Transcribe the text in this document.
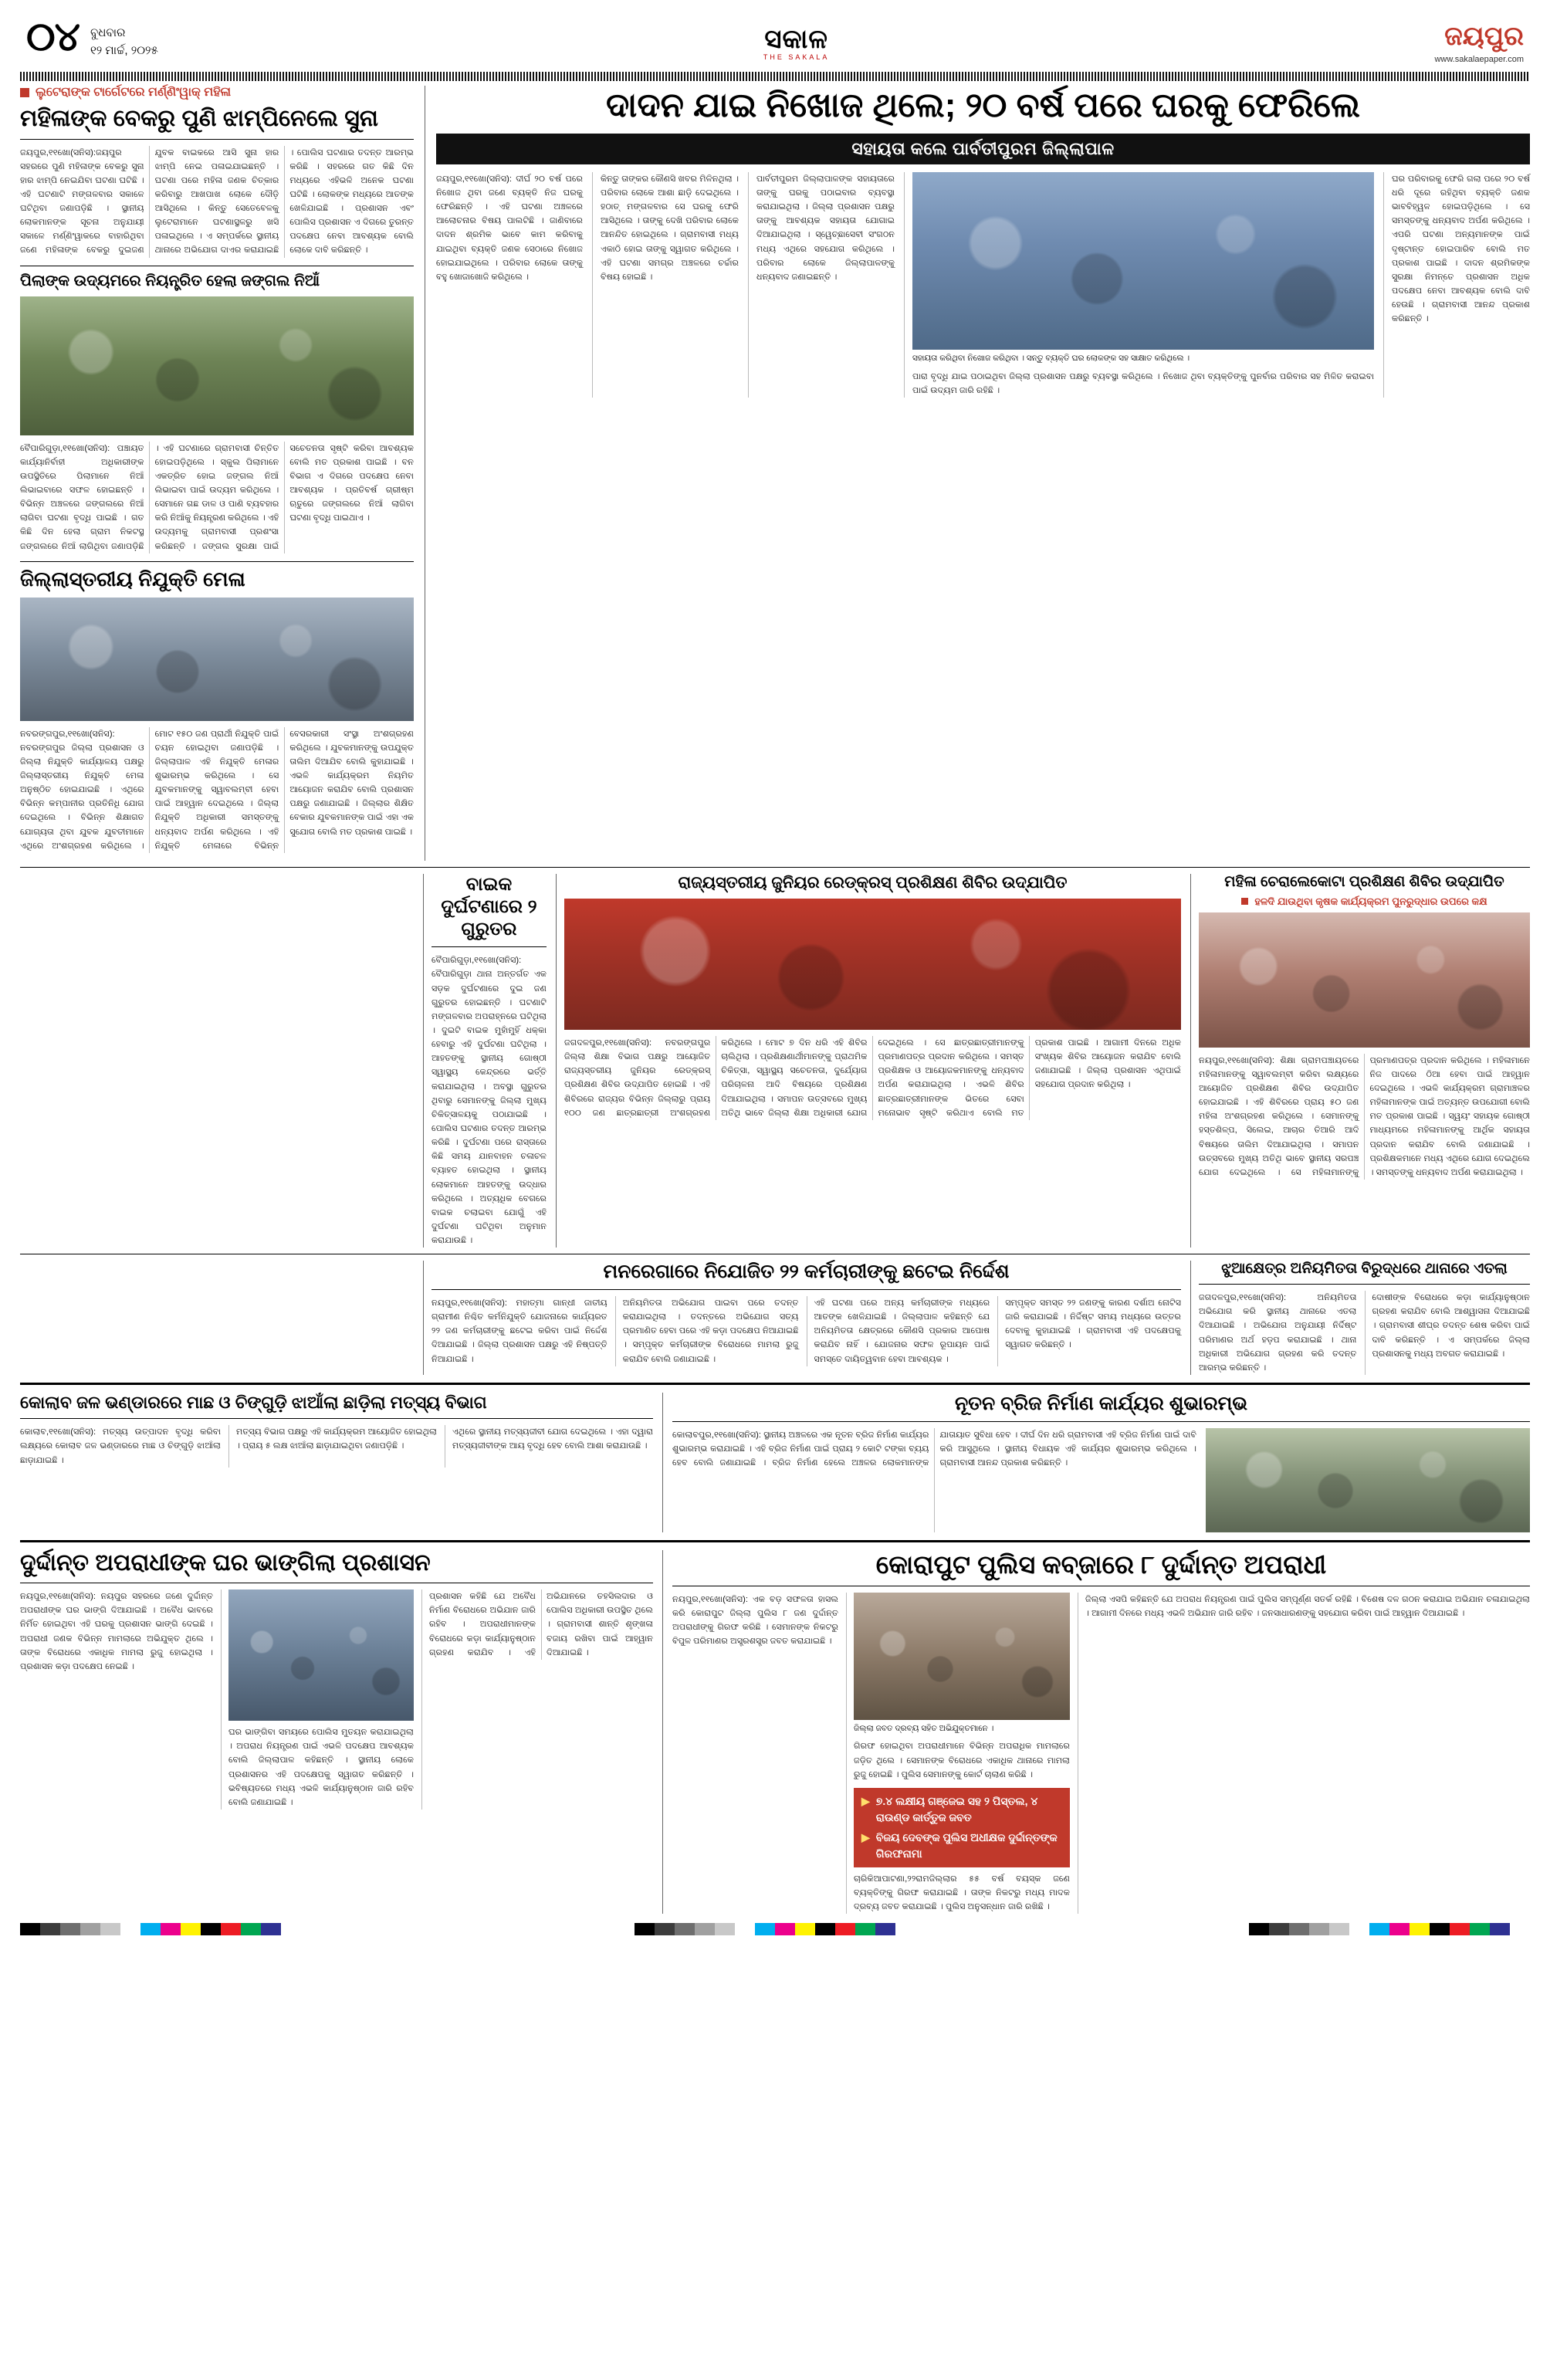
୦୪ ବୁଧବାର
୧୨ ମାର୍ଚ୍ଚ, ୨୦୨୫	ସକାଳ
THE SAKALA
ଜୟପୁର
www.sakalaepaper.com
ଲୁଟେରାଙ୍କ ଟାର୍ଗେଟରେ ମର୍ଣ୍ଣିଂୱାକ୍ ମହିଳା
ମହିଳାଙ୍କ ବେକରୁ ପୁଣି ଝାମ୍ପିନେଲେ ସୁନା
ଜୟପୁର,୧୧ଖୋ(ସନିସ):ଜୟପୁର ସହରରେ ପୁଣି ମହିଳାଙ୍କ ବେକରୁ ସୁନା ହାର ଝାମ୍ପି ନେଇଯିବା ଘଟଣା ଘଟିଛି । ଏହି ଘଟଣାଟି ମଙ୍ଗଳବାର ସକାଳେ ଘଟିଥିବା ଜଣାପଡ଼ିଛି । ସ୍ଥାନୀୟ ଲୋକମାନଙ୍କ ସୂଚନା ଅନୁଯାୟୀ ସକାଳେ ମର୍ଣ୍ଣିଂୱାକରେ ବାହାରିଥିବା ଜଣେ ମହିଳାଙ୍କ ବେକରୁ ଦୁଇଜଣ ଯୁବକ ବାଇକରେ ଆସି ସୁନା ହାର ଝାମ୍ପି ନେଇ ପଳାଇଯାଇଛନ୍ତି । ଘଟଣା ପରେ ମହିଳା ଜଣକ ଚିତ୍କାର କରିବାରୁ ଆଖପାଖ ଲୋକେ ଦୌଡ଼ି ଆସିଥିଲେ । କିନ୍ତୁ ସେତେବେଳକୁ ଲୁଟେରାମାନେ ଘଟଣାସ୍ଥଳରୁ ଖସି ପଳାଇଥିଲେ । ଏ ସମ୍ପର୍କରେ ସ୍ଥାନୀୟ ଥାନାରେ ଅଭିଯୋଗ ଦାଏର କରାଯାଇଛି । ପୋଲିସ ଘଟଣାର ତଦନ୍ତ ଆରମ୍ଭ କରିଛି । ସହରରେ ଗତ କିଛି ଦିନ ମଧ୍ୟରେ ଏହିଭଳି ଅନେକ ଘଟଣା ଘଟିଛି । ଲୋକଙ୍କ ମଧ୍ୟରେ ଆତଙ୍କ ଖେଳିଯାଇଛି । ପ୍ରଶାସନ ଏବଂ ପୋଲିସ ପ୍ରଶାସନ ଏ ଦିଗରେ ତୁରନ୍ତ ପଦକ୍ଷେପ ନେବା ଆବଶ୍ୟକ ବୋଲି ଲୋକେ ଦାବି କରିଛନ୍ତି ।
ପିଲାଙ୍କ ଉଦ୍ୟମରେ ନିୟନ୍ତ୍ରିତ ହେଲା ଜଙ୍ଗଲ ନିଆଁ
ବୈପାରିଗୁଡ଼ା,୧୧ଖୋ(ସନିସ): ପଞ୍ଚାୟତ କାର୍ଯ୍ୟାନିର୍ବାହୀ ଅଧିକାରୀଙ୍କ ଉପସ୍ଥିତିରେ ପିଲାମାନେ ନିଆଁ ଲିଭାଇବାରେ ସଫଳ ହୋଇଛନ୍ତି । ବିଭିନ୍ନ ଅଞ୍ଚଳରେ ଜଙ୍ଗଲରେ ନିଆଁ ଲାଗିବା ଘଟଣା ବୃଦ୍ଧି ପାଇଛି । ଗତ କିଛି ଦିନ ହେଲା ଗ୍ରାମ ନିକଟସ୍ଥ ଜଙ୍ଗଲରେ ନିଆଁ ଲାଗିଥିବା ଜଣାପଡ଼ିଛି । ଏହି ଘଟଣାରେ ଗ୍ରାମବାସୀ ଚିନ୍ତିତ ହୋଇପଡ଼ିଥିଲେ । ସ୍କୁଲ ପିଲାମାନେ ଏକତ୍ରିତ ହୋଇ ଜଙ୍ଗଲ ନିଆଁ ଲିଭାଇବା ପାଇଁ ଉଦ୍ୟମ କରିଥିଲେ । ସେମାନେ ଗଛ ଡାଳ ଓ ପାଣି ବ୍ୟବହାର କରି ନିଆଁକୁ ନିୟନ୍ତ୍ରଣ କରିଥିଲେ । ଏହି ଉଦ୍ୟମକୁ ଗ୍ରାମବାସୀ ପ୍ରଶଂସା କରିଛନ୍ତି । ଜଙ୍ଗଲ ସୁରକ୍ଷା ପାଇଁ ସଚେତନତା ସୃଷ୍ଟି କରିବା ଆବଶ୍ୟକ ବୋଲି ମତ ପ୍ରକାଶ ପାଇଛି । ବନ ବିଭାଗ ଏ ଦିଗରେ ପଦକ୍ଷେପ ନେବା ଆବଶ୍ୟକ । ପ୍ରତିବର୍ଷ ଗ୍ରୀଷ୍ମ ଋତୁରେ ଜଙ୍ଗଲରେ ନିଆଁ ଲାଗିବା ଘଟଣା ବୃଦ୍ଧି ପାଇଥାଏ ।
ଜିଲ୍ଲାସ୍ତରୀୟ ନିଯୁକ୍ତି ମେଳା
ନବରଙ୍ଗପୁର,୧୧ଖୋ(ସନିସ): ନବରଙ୍ଗପୁର ଜିଲ୍ଲା ପ୍ରଶାସନ ଓ ଜିଲ୍ଲା ନିଯୁକ୍ତି କାର୍ଯ୍ୟାଳୟ ପକ୍ଷରୁ ଜିଲ୍ଲାସ୍ତରୀୟ ନିଯୁକ୍ତି ମେଳା ଅନୁଷ୍ଠିତ ହୋଇଯାଇଛି । ଏଥିରେ ବିଭିନ୍ନ କମ୍ପାନୀର ପ୍ରତିନିଧି ଯୋଗ ଦେଇଥିଲେ । ବିଭିନ୍ନ ଶିକ୍ଷାଗତ ଯୋଗ୍ୟତା ଥିବା ଯୁବକ ଯୁବତୀମାନେ ଏଥିରେ ଅଂଶଗ୍ରହଣ କରିଥିଲେ । ମୋଟ ୧୫୦ ଜଣ ପ୍ରାର୍ଥୀ ନିଯୁକ୍ତି ପାଇଁ ଚୟନ ହୋଇଥିବା ଜଣାପଡ଼ିଛି । ଜିଲ୍ଲାପାଳ ଏହି ନିଯୁକ୍ତି ମେଳାର ଶୁଭାରମ୍ଭ କରିଥିଲେ । ସେ ଯୁବକମାନଙ୍କୁ ସ୍ୱାବଲମ୍ବୀ ହେବା ପାଇଁ ଆହ୍ୱାନ ଦେଇଥିଲେ । ଜିଲ୍ଲା ନିଯୁକ୍ତି ଅଧିକାରୀ ସମସ୍ତଙ୍କୁ ଧନ୍ୟବାଦ ଅର୍ପଣ କରିଥିଲେ । ଏହି ନିଯୁକ୍ତି ମେଳାରେ ବିଭିନ୍ନ ବେସରକାରୀ ସଂସ୍ଥା ଅଂଶଗ୍ରହଣ କରିଥିଲେ । ଯୁବକମାନଙ୍କୁ ଉପଯୁକ୍ତ ତାଲିମ ଦିଆଯିବ ବୋଲି କୁହାଯାଇଛି । ଏଭଳି କାର୍ଯ୍ୟକ୍ରମ ନିୟମିତ ଆୟୋଜନ କରାଯିବ ବୋଲି ପ୍ରଶାସନ ପକ୍ଷରୁ ଜଣାଯାଇଛି । ଜିଲ୍ଲାର ଶିକ୍ଷିତ ବେକାର ଯୁବକମାନଙ୍କ ପାଇଁ ଏହା ଏକ ସୁଯୋଗ ବୋଲି ମତ ପ୍ରକାଶ ପାଇଛି ।
ଦାଦନ ଯାଇ ନିଖୋଜ ଥିଲେ; ୨୦ ବର୍ଷ ପରେ ଘରକୁ ଫେରିଲେ
ସହାୟତା କଲେ ପାର୍ବତୀପୁରମ ଜିଲ୍ଲାପାଳ
ଜୟପୁର,୧୧ଖୋ(ସନିସ): ଦୀର୍ଘ ୨୦ ବର୍ଷ ପରେ ନିଖୋଜ ଥିବା ଜଣେ ବ୍ୟକ୍ତି ନିଜ ଘରକୁ ଫେରିଛନ୍ତି । ଏହି ଘଟଣା ଅଞ୍ଚଳରେ ଆଲୋଚନାର ବିଷୟ ପାଲଟିଛି । ଜାଣିବାରେ ଦାଦନ ଶ୍ରମିକ ଭାବେ କାମ କରିବାକୁ ଯାଇଥିବା ବ୍ୟକ୍ତି ଜଣକ ସେଠାରେ ନିଖୋଜ ହୋଇଯାଇଥିଲେ । ପରିବାର ଲୋକେ ତାଙ୍କୁ ବହୁ ଖୋଜାଖୋଜି କରିଥିଲେ ।
କିନ୍ତୁ ତାଙ୍କର କୌଣସି ଖବର ମିଳିନଥିଲା । ପରିବାର ଲୋକେ ଆଶା ଛାଡ଼ି ଦେଇଥିଲେ । ହଠାତ୍ ମଙ୍ଗଳବାର ସେ ଘରକୁ ଫେରି ଆସିଥିଲେ । ତାଙ୍କୁ ଦେଖି ପରିବାର ଲୋକେ ଆନନ୍ଦିତ ହୋଇଥିଲେ । ଗ୍ରାମବାସୀ ମଧ୍ୟ ଏକାଠି ହୋଇ ତାଙ୍କୁ ସ୍ୱାଗତ କରିଥିଲେ । ଏହି ଘଟଣା ସମଗ୍ର ଅଞ୍ଚଳରେ ଚର୍ଚ୍ଚାର ବିଷୟ ହୋଇଛି ।
ପାର୍ବତୀପୁରମ ଜିଲ୍ଲାପାଳଙ୍କ ସହାୟତାରେ ତାଙ୍କୁ ଘରକୁ ପଠାଇବାର ବ୍ୟବସ୍ଥା କରାଯାଇଥିଲା । ଜିଲ୍ଲା ପ୍ରଶାସନ ପକ୍ଷରୁ ତାଙ୍କୁ ଆବଶ୍ୟକ ସହାୟତା ଯୋଗାଇ ଦିଆଯାଇଥିଲା । ସ୍ୱେଚ୍ଛାସେବୀ ସଂଗଠନ ମଧ୍ୟ ଏଥିରେ ସହଯୋଗ କରିଥିଲେ । ପରିବାର ଲୋକେ ଜିଲ୍ଲାପାଳଙ୍କୁ ଧନ୍ୟବାଦ ଜଣାଇଛନ୍ତି ।
ସହାୟତା କରିଥିବା ନିଖୋଜ କରିଥିବା । ସନ୍ତୁ ବ୍ୟକ୍ତି ଘର ଲୋକଙ୍କ ସହ ସାକ୍ଷାତ କରିଥିଲେ ।
ପାରା ବୃଦ୍ଧି ଯାଇ ପଠାଇଥିବା ଜିଲ୍ଲା ପ୍ରଶାସନ ପକ୍ଷରୁ ବ୍ୟବସ୍ଥା କରିଥିଲେ । ନିଖୋଜ ଥିବା ବ୍ୟକ୍ତିଙ୍କୁ ପୁନର୍ବାର ପରିବାର ସହ ମିଳିତ କରାଇବା ପାଇଁ ଉଦ୍ୟମ ଜାରି ରହିଛି ।
ଘର ପରିବାରକୁ ଫେରି ଗଲା ପରେ ୨୦ ବର୍ଷ ଧରି ଦୂରେ ରହିଥିବା ବ୍ୟକ୍ତି ଜଣକ ଭାବବିହ୍ୱଳ ହୋଇପଡ଼ିଥିଲେ । ସେ ସମସ୍ତଙ୍କୁ ଧନ୍ୟବାଦ ଅର୍ପଣ କରିଥିଲେ । ଏପରି ଘଟଣା ଅନ୍ୟମାନଙ୍କ ପାଇଁ ଦୃଷ୍ଟାନ୍ତ ହୋଇପାରିବ ବୋଲି ମତ ପ୍ରକାଶ ପାଇଛି । ଦାଦନ ଶ୍ରମିକଙ୍କ ସୁରକ୍ଷା ନିମନ୍ତେ ପ୍ରଶାସନ ଅଧିକ ପଦକ୍ଷେପ ନେବା ଆବଶ୍ୟକ ବୋଲି ଦାବି ହେଉଛି । ଗ୍ରାମବାସୀ ଆନନ୍ଦ ପ୍ରକାଶ କରିଛନ୍ତି ।
ବାଇକ ଦୁର୍ଘଟଣାରେ ୨ ଗୁରୁତର
ବୈପାରିଗୁଡ଼ା,୧୧ଖୋ(ସନିସ): ବୈପାରିଗୁଡ଼ା ଥାନା ଅନ୍ତର୍ଗତ ଏକ ସଡ଼କ ଦୁର୍ଘଟଣାରେ ଦୁଇ ଜଣ ଗୁରୁତର ହୋଇଛନ୍ତି । ଘଟଣାଟି ମଙ୍ଗଳବାର ଅପରାହ୍ନରେ ଘଟିଥିଲା । ଦୁଇଟି ବାଇକ ମୁହାଁମୁହିଁ ଧକ୍କା ହେବାରୁ ଏହି ଦୁର୍ଘଟଣା ଘଟିଥିଲା । ଆହତଙ୍କୁ ସ୍ଥାନୀୟ ଗୋଷ୍ଠୀ ସ୍ୱାସ୍ଥ୍ୟ କେନ୍ଦ୍ରରେ ଭର୍ତ୍ତି କରାଯାଇଥିଲା । ଅବସ୍ଥା ଗୁରୁତର ଥିବାରୁ ସେମାନଙ୍କୁ ଜିଲ୍ଲା ମୁଖ୍ୟ ଚିକିତ୍ସାଳୟକୁ ପଠାଯାଇଛି । ପୋଲିସ ଘଟଣାର ତଦନ୍ତ ଆରମ୍ଭ କରିଛି । ଦୁର୍ଘଟଣା ପରେ ରାସ୍ତାରେ କିଛି ସମୟ ଯାନବାହନ ଚଳାଚଳ ବ୍ୟାହତ ହୋଇଥିଲା । ସ୍ଥାନୀୟ ଲୋକମାନେ ଆହତଙ୍କୁ ଉଦ୍ଧାର କରିଥିଲେ । ଅତ୍ୟଧିକ ବେଗରେ ବାଇକ ଚଲାଇବା ଯୋଗୁଁ ଏହି ଦୁର୍ଘଟଣା ଘଟିଥିବା ଅନୁମାନ କରାଯାଉଛି ।
ରାଜ୍ୟସ୍ତରୀୟ ଜୁନିୟର ରେଡ୍‌କ୍ରସ୍ ପ୍ରଶିକ୍ଷଣ ଶିବିର ଉଦ୍‌ଯାପିତ
ଜଗଦଳପୁର,୧୧ଖୋ(ସନିସ): ନବରଙ୍ଗପୁର ଜିଲ୍ଲା ଶିକ୍ଷା ବିଭାଗ ପକ୍ଷରୁ ଆୟୋଜିତ ରାଜ୍ୟସ୍ତରୀୟ ଜୁନିୟର ରେଡ୍‌କ୍ରସ୍ ପ୍ରଶିକ୍ଷଣ ଶିବିର ଉଦ୍‌ଯାପିତ ହୋଇଛି । ଏହି ଶିବିରରେ ରାଜ୍ୟର ବିଭିନ୍ନ ଜିଲ୍ଲାରୁ ପ୍ରାୟ ୧୦୦ ଜଣ ଛାତ୍ରଛାତ୍ରୀ ଅଂଶଗ୍ରହଣ କରିଥିଲେ । ମୋଟ ୭ ଦିନ ଧରି ଏହି ଶିବିର ଚାଲିଥିଲା । ପ୍ରଶିକ୍ଷଣାର୍ଥୀମାନଙ୍କୁ ପ୍ରାଥମିକ ଚିକିତ୍ସା, ସ୍ୱାସ୍ଥ୍ୟ ସଚେତନତା, ଦୁର୍ଯ୍ୟୋଗ ପରିଚାଳନା ଆଦି ବିଷୟରେ ପ୍ରଶିକ୍ଷଣ ଦିଆଯାଇଥିଲା । ସମାପନ ଉତ୍ସବରେ ମୁଖ୍ୟ ଅତିଥି ଭାବେ ଜିଲ୍ଲା ଶିକ୍ଷା ଅଧିକାରୀ ଯୋଗ ଦେଇଥିଲେ । ସେ ଛାତ୍ରଛାତ୍ରୀମାନଙ୍କୁ ପ୍ରମାଣପତ୍ର ପ୍ରଦାନ କରିଥିଲେ । ସମସ୍ତ ପ୍ରଶିକ୍ଷକ ଓ ଆୟୋଜକମାନଙ୍କୁ ଧନ୍ୟବାଦ ଅର୍ପଣ କରାଯାଇଥିଲା । ଏଭଳି ଶିବିର ଛାତ୍ରଛାତ୍ରୀମାନଙ୍କ ଭିତରେ ସେବା ମନୋଭାବ ସୃଷ୍ଟି କରିଥାଏ ବୋଲି ମତ ପ୍ରକାଶ ପାଇଛି । ଆଗାମୀ ଦିନରେ ଅଧିକ ସଂଖ୍ୟକ ଶିବିର ଆୟୋଜନ କରାଯିବ ବୋଲି ଜଣାଯାଇଛି । ଜିଲ୍ଲା ପ୍ରଶାସନ ଏଥିପାଇଁ ସହଯୋଗ ପ୍ରଦାନ କରିଥିଲା ।
ମହିଳା ଚେରାଲେକୋଟା ପ୍ରଶିକ୍ଷଣ ଶିବିର ଉଦ୍‌ଯାପିତ
ହଳଦି ଯାଉଥିବା କୃଷକ କାର୍ଯ୍ୟକ୍ରମ ପୁନରୁଦ୍ଧାର ଉପରେ କକ୍ଷ
ନୟପୁର,୧୧ଖୋ(ସନିସ): ଶିକ୍ଷା ଗ୍ରାମପଞ୍ଚାୟତରେ ମହିଳାମାନଙ୍କୁ ସ୍ୱାବଲମ୍ବୀ କରିବା ଲକ୍ଷ୍ୟରେ ଆୟୋଜିତ ପ୍ରଶିକ୍ଷଣ ଶିବିର ଉଦ୍‌ଯାପିତ ହୋଇଯାଇଛି । ଏହି ଶିବିରରେ ପ୍ରାୟ ୫୦ ଜଣ ମହିଳା ଅଂଶଗ୍ରହଣ କରିଥିଲେ । ସେମାନଙ୍କୁ ହସ୍ତଶିଳ୍ପ, ସିଲେଇ, ଆଚାର ତିଆରି ଆଦି ବିଷୟରେ ତାଲିମ ଦିଆଯାଇଥିଲା । ସମାପନ ଉତ୍ସବରେ ମୁଖ୍ୟ ଅତିଥି ଭାବେ ସ୍ଥାନୀୟ ସରପଞ୍ଚ ଯୋଗ ଦେଇଥିଲେ । ସେ ମହିଳାମାନଙ୍କୁ ପ୍ରମାଣପତ୍ର ପ୍ରଦାନ କରିଥିଲେ । ମହିଳାମାନେ ନିଜ ପାଦରେ ଠିଆ ହେବା ପାଇଁ ଆହ୍ୱାନ ଦେଇଥିଲେ । ଏଭଳି କାର୍ଯ୍ୟକ୍ରମ ଗ୍ରାମାଞ୍ଚଳର ମହିଳାମାନଙ୍କ ପାଇଁ ଅତ୍ୟନ୍ତ ଉପଯୋଗୀ ବୋଲି ମତ ପ୍ରକାଶ ପାଇଛି । ସ୍ୱୟଂ ସହାୟକ ଗୋଷ୍ଠୀ ମାଧ୍ୟମରେ ମହିଳାମାନଙ୍କୁ ଆର୍ଥିକ ସହାୟତା ପ୍ରଦାନ କରାଯିବ ବୋଲି ଜଣାଯାଇଛି । ପ୍ରଶିକ୍ଷକମାନେ ମଧ୍ୟ ଏଥିରେ ଯୋଗ ଦେଇଥିଲେ । ସମସ୍ତଙ୍କୁ ଧନ୍ୟବାଦ ଅର୍ପଣ କରାଯାଇଥିଲା ।
ମନରେଗାରେ ନିଯୋଜିତ ୨୨ କର୍ମଚାରୀଙ୍କୁ ଛଟେଇ ନିର୍ଦ୍ଦେଶ
ନୟପୁର,୧୧ଖୋ(ସନିସ): ମହାତ୍ମା ଗାନ୍ଧୀ ଜାତୀୟ ଗ୍ରାମୀଣ ନିଶ୍ଚିତ କର୍ମନିଯୁକ୍ତି ଯୋଜନାରେ କାର୍ଯ୍ୟରତ ୨୨ ଜଣ କର୍ମଚାରୀଙ୍କୁ ଛଟେଇ କରିବା ପାଇଁ ନିର୍ଦ୍ଦେଶ ଦିଆଯାଇଛି । ଜିଲ୍ଲା ପ୍ରଶାସନ ପକ୍ଷରୁ ଏହି ନିଷ୍ପତ୍ତି ନିଆଯାଇଛି ।
ଅନିୟମିତତା ଅଭିଯୋଗ ପାଇବା ପରେ ତଦନ୍ତ କରାଯାଇଥିଲା । ତଦନ୍ତରେ ଅଭିଯୋଗ ସତ୍ୟ ପ୍ରମାଣିତ ହେବା ପରେ ଏହି କଡ଼ା ପଦକ୍ଷେପ ନିଆଯାଇଛି । ସମ୍ପୃକ୍ତ କର୍ମଚାରୀଙ୍କ ବିରୋଧରେ ମାମଲା ରୁଜୁ କରାଯିବ ବୋଲି ଜଣାଯାଇଛି ।
ଏହି ଘଟଣା ପରେ ଅନ୍ୟ କର୍ମଚାରୀଙ୍କ ମଧ୍ୟରେ ଆତଙ୍କ ଖେଳିଯାଇଛି । ଜିଲ୍ଲାପାଳ କହିଛନ୍ତି ଯେ ଅନିୟମିତତା କ୍ଷେତ୍ରରେ କୌଣସି ପ୍ରକାର ଆପୋଷ କରାଯିବ ନାହିଁ । ଯୋଜନାର ସଫଳ ରୂପାୟନ ପାଇଁ ସମସ୍ତେ ଦାୟିତ୍ୱବାନ ହେବା ଆବଶ୍ୟକ ।
ସମ୍ପୃକ୍ତ ସମସ୍ତ ୨୨ ଜଣଙ୍କୁ କାରଣ ଦର୍ଶାଅ ନୋଟିସ ଜାରି କରାଯାଇଛି । ନିର୍ଦ୍ଦିଷ୍ଟ ସମୟ ମଧ୍ୟରେ ଉତ୍ତର ଦେବାକୁ କୁହାଯାଇଛି । ଗ୍ରାମବାସୀ ଏହି ପଦକ୍ଷେପକୁ ସ୍ୱାଗତ କରିଛନ୍ତି ।
ଝୁଆକ୍ଷେତ୍ର ଅନିୟମିତତା ବିରୁଦ୍ଧରେ ଥାନାରେ ଏତଲା
ଜଗଦଳପୁର,୧୧ଖୋ(ସନିସ): ଅନିୟମିତତା ଅଭିଯୋଗ କରି ସ୍ଥାନୀୟ ଥାନାରେ ଏତଲା ଦିଆଯାଇଛି । ଅଭିଯୋଗ ଅନୁଯାୟୀ ନିର୍ଦ୍ଦିଷ୍ଟ ପରିମାଣର ଅର୍ଥ ହଡ଼ପ କରାଯାଇଛି । ଥାନା ଅଧିକାରୀ ଅଭିଯୋଗ ଗ୍ରହଣ କରି ତଦନ୍ତ ଆରମ୍ଭ କରିଛନ୍ତି ।
ଦୋଷୀଙ୍କ ବିରୋଧରେ କଡ଼ା କାର୍ଯ୍ୟାନୁଷ୍ଠାନ ଗ୍ରହଣ କରାଯିବ ବୋଲି ଆଶ୍ୱାସନା ଦିଆଯାଇଛି । ଗ୍ରାମବାସୀ ଶୀଘ୍ର ତଦନ୍ତ ଶେଷ କରିବା ପାଇଁ ଦାବି କରିଛନ୍ତି । ଏ ସମ୍ପର୍କରେ ଜିଲ୍ଲା ପ୍ରଶାସନକୁ ମଧ୍ୟ ଅବଗତ କରାଯାଇଛି ।
କୋଲାବ ଜଳ ଭଣ୍ଡାରରେ ମାଛ ଓ ଚିଙ୍ଗୁଡ଼ି ଝାଆଁଲା ଛାଡ଼ିଲା ମତ୍ସ୍ୟ ବିଭାଗ
କୋଲାବ,୧୧ଖୋ(ସନିସ): ମତ୍ସ୍ୟ ଉତ୍ପାଦନ ବୃଦ୍ଧି କରିବା ଲକ୍ଷ୍ୟରେ କୋଲାବ ଜଳ ଭଣ୍ଡାରରେ ମାଛ ଓ ଚିଙ୍ଗୁଡ଼ି ଝାଆଁଲା ଛାଡ଼ାଯାଇଛି ।
ମତ୍ସ୍ୟ ବିଭାଗ ପକ୍ଷରୁ ଏହି କାର୍ଯ୍ୟକ୍ରମ ଆୟୋଜିତ ହୋଇଥିଲା । ପ୍ରାୟ ୫ ଲକ୍ଷ ଝାଆଁଲା ଛାଡ଼ାଯାଇଥିବା ଜଣାପଡ଼ିଛି ।
ଏଥିରେ ସ୍ଥାନୀୟ ମତ୍ସ୍ୟଜୀବୀ ଯୋଗ ଦେଇଥିଲେ । ଏହା ଦ୍ୱାରା ମତ୍ସ୍ୟଜୀବୀଙ୍କ ଆୟ ବୃଦ୍ଧି ହେବ ବୋଲି ଆଶା କରାଯାଉଛି ।
ନୂତନ ବ୍ରିଜ ନିର୍ମାଣ କାର୍ଯ୍ୟର ଶୁଭାରମ୍ଭ
କୋଲାବପୁର,୧୧ଖୋ(ସନିସ): ସ୍ଥାନୀୟ ଅଞ୍ଚଳରେ ଏକ ନୂତନ ବ୍ରିଜ ନିର୍ମାଣ କାର୍ଯ୍ୟର ଶୁଭାରମ୍ଭ କରାଯାଇଛି । ଏହି ବ୍ରିଜ ନିର୍ମାଣ ପାଇଁ ପ୍ରାୟ ୨ କୋଟି ଟଙ୍କା ବ୍ୟୟ ହେବ ବୋଲି ଜଣାଯାଇଛି । ବ୍ରିଜ ନିର୍ମାଣ ହେଲେ ଅଞ୍ଚଳର ଲୋକମାନଙ୍କ ଯାତାୟାତ ସୁବିଧା ହେବ । ଦୀର୍ଘ ଦିନ ଧରି ଗ୍ରାମବାସୀ ଏହି ବ୍ରିଜ ନିର୍ମାଣ ପାଇଁ ଦାବି କରି ଆସୁଥିଲେ । ସ୍ଥାନୀୟ ବିଧାୟକ ଏହି କାର୍ଯ୍ୟର ଶୁଭାରମ୍ଭ କରିଥିଲେ । ଗ୍ରାମବାସୀ ଆନନ୍ଦ ପ୍ରକାଶ କରିଛନ୍ତି ।
ଦୁର୍ଦ୍ଦାନ୍ତ ଅପରାଧୀଙ୍କ ଘର ଭାଙ୍ଗିଲା ପ୍ରଶାସନ
ନୟପୁର,୧୧ଖୋ(ସନିସ): ନୟପୁର ସହରରେ ଜଣେ ଦୁର୍ଦ୍ଦାନ୍ତ ଅପରାଧୀଙ୍କ ଘର ଭାଙ୍ଗି ଦିଆଯାଇଛି । ଅବୈଧ ଭାବରେ ନିର୍ମିତ ହୋଇଥିବା ଏହି ଘରକୁ ପ୍ରଶାସନ ଭାଙ୍ଗି ଦେଇଛି । ଅପରାଧୀ ଜଣକ ବିଭିନ୍ନ ମାମଲାରେ ଅଭିଯୁକ୍ତ ଥିଲେ । ତାଙ୍କ ବିରୋଧରେ ଏକାଧିକ ମାମଲା ରୁଜୁ ହୋଇଥିଲା । ପ୍ରଶାସନ କଡ଼ା ପଦକ୍ଷେପ ନେଇଛି ।
ଘର ଭାଙ୍ଗିବା ସମୟରେ ପୋଲିସ ମୁତୟନ କରାଯାଇଥିଲା । ଅପରାଧ ନିୟନ୍ତ୍ରଣ ପାଇଁ ଏଭଳି ପଦକ୍ଷେପ ଆବଶ୍ୟକ ବୋଲି ଜିଲ୍ଲାପାଳ କହିଛନ୍ତି । ସ୍ଥାନୀୟ ଲୋକେ ପ୍ରଶାସନର ଏହି ପଦକ୍ଷେପକୁ ସ୍ୱାଗତ କରିଛନ୍ତି । ଭବିଷ୍ୟତରେ ମଧ୍ୟ ଏଭଳି କାର୍ଯ୍ୟାନୁଷ୍ଠାନ ଜାରି ରହିବ ବୋଲି ଜଣାଯାଇଛି ।
ପ୍ରଶାସନ କହିଛି ଯେ ଅବୈଧ ନିର୍ମାଣ ବିରୋଧରେ ଅଭିଯାନ ଜାରି ରହିବ । ଅପରାଧୀମାନଙ୍କ ବିରୋଧରେ କଡ଼ା କାର୍ଯ୍ୟାନୁଷ୍ଠାନ ଗ୍ରହଣ କରାଯିବ । ଏହି ଅଭିଯାନରେ ତହସିଲଦାର ଓ ପୋଲିସ ଅଧିକାରୀ ଉପସ୍ଥିତ ଥିଲେ । ଗ୍ରାମବାସୀ ଶାନ୍ତି ଶୃଙ୍ଖଳା ବଜାୟ ରଖିବା ପାଇଁ ଆହ୍ୱାନ ଦିଆଯାଇଛି ।
କୋରାପୁଟ ପୁଲିସ କବ୍ଜାରେ ୮ ଦୁର୍ଦ୍ଦାନ୍ତ ଅପରାଧୀ
ନୟପୁର,୧୧ଖୋ(ସନିସ): ଏକ ବଡ଼ ସଫଳତା ହାସଲ କରି କୋରାପୁଟ ଜିଲ୍ଲା ପୁଲିସ ୮ ଜଣ ଦୁର୍ଦ୍ଦାନ୍ତ ଅପରାଧୀଙ୍କୁ ଗିରଫ କରିଛି । ସେମାନଙ୍କ ନିକଟରୁ ବିପୁଳ ପରିମାଣର ଅସ୍ତ୍ରଶସ୍ତ୍ର ଜବତ କରାଯାଇଛି ।
ଜିଲ୍ଲା ଜବତ ଦ୍ରବ୍ୟ ସହିତ ଅଭିଯୁକ୍ତମାନେ ।
ଗିରଫ ହୋଇଥିବା ଅପରାଧୀମାନେ ବିଭିନ୍ନ ଅପରାଧିକ ମାମଲାରେ ଜଡ଼ିତ ଥିଲେ । ସେମାନଙ୍କ ବିରୋଧରେ ଏକାଧିକ ଥାନାରେ ମାମଲା ରୁଜୁ ହୋଇଛି । ପୁଲିସ ସେମାନଙ୍କୁ କୋର୍ଟ ଚାଲାଣ କରିଛି ।
▶ ୭.୪ ଲକ୍ଷୀୟ ଗଞ୍ଜେଇ ସହ ୨ ପିସ୍ତଲ, ୪ ରାଉଣ୍ଡ କାର୍ତ୍ତୁଜ ଜବତ
▶ ବିଜୟ ଦେବଙ୍କ ପୁଲିସ ଅଧୀକ୍ଷକ ଦୁର୍ଦ୍ଦାନ୍ତଙ୍କ ଗିରଫନାମା
ଚାରିକିଆପାଟଣା,୨୨ରାମଜିଲ୍ଲାର ୫୫ ବର୍ଷ ବୟସ୍କ ଜଣେ ବ୍ୟକ୍ତିଙ୍କୁ ଗିରଫ କରାଯାଇଛି । ତାଙ୍କ ନିକଟରୁ ମଧ୍ୟ ମାଦକ ଦ୍ରବ୍ୟ ଜବତ କରାଯାଇଛି । ପୁଲିସ ଅନୁସନ୍ଧାନ ଜାରି ରଖିଛି ।
ଜିଲ୍ଲା ଏସପି କହିଛନ୍ତି ଯେ ଅପରାଧ ନିୟନ୍ତ୍ରଣ ପାଇଁ ପୁଲିସ ସମ୍ପୂର୍ଣ୍ଣ ସତର୍କ ରହିଛି । ବିଶେଷ ଦଳ ଗଠନ କରାଯାଇ ଅଭିଯାନ ଚଳାଯାଇଥିଲା । ଆଗାମୀ ଦିନରେ ମଧ୍ୟ ଏଭଳି ଅଭିଯାନ ଜାରି ରହିବ । ଜନସାଧାରଣଙ୍କୁ ସହଯୋଗ କରିବା ପାଇଁ ଆହ୍ୱାନ ଦିଆଯାଇଛି ।
